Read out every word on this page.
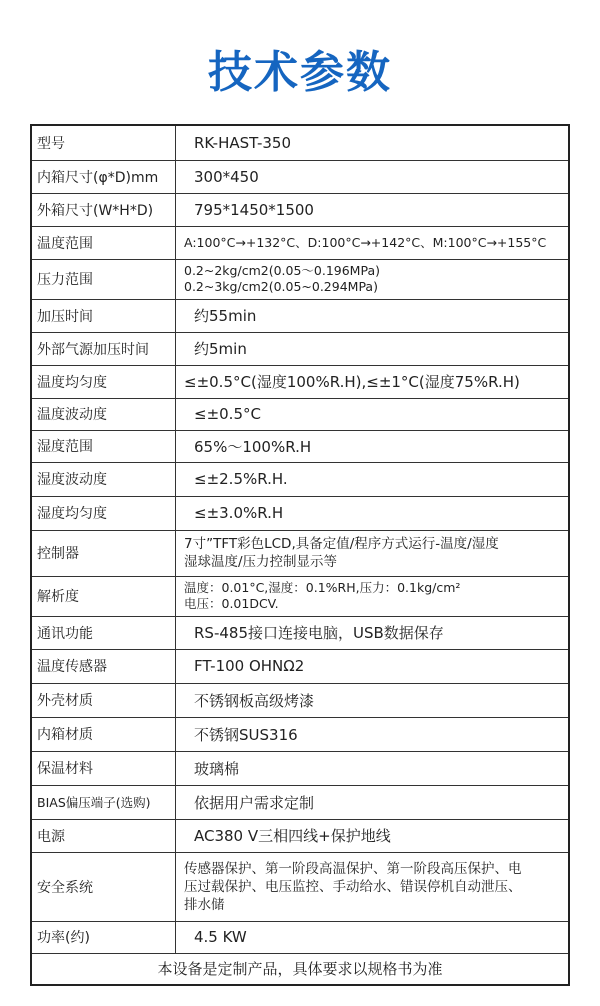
技术参数
型号	RK-HAST-350
内箱尺寸(φ*D)mm	300*450
外箱尺寸(W*H*D)	795*1450*1500
温度范围	A:100°C→+132°C、D:100°C→+142°C、M:100°C→+155°C
压力范围	0.2~2kg/cm2(0.05～0.196MPa)
0.2~3kg/cm2(0.05~0.294MPa)

加压时间	约55min
外部气源加压时间	约5min
温度均匀度	≤±0.5°C(湿度100%R.H),≤±1°C(湿度75%R.H)
温度波动度	≤±0.5°C
湿度范围	65%～100%R.H
湿度波动度	≤±2.5%R.H.
湿度均匀度	≤±3.0%R.H
控制器	7寸”TFT彩色LCD,具备定值/程序方式运行-温度/湿度
湿球温度/压力控制显示等

解析度	温度：0.01°C,湿度：0.1%RH,压力：0.1kg/cm²
电压：0.01DCV.

通讯功能	RS-485接口连接电脑，USB数据保存
温度传感器	FT-100 OHNΩ2
外壳材质	不锈钢板高级烤漆
内箱材质	不锈钢SUS316
保温材料	玻璃棉
BIAS偏压端子(选购)	依据用户需求定制
电源	AC380 V三相四线+保护地线
安全系统	传感器保护、第一阶段高温保护、第一阶段高压保护、电
压过载保护、电压监控、手动给水、错误停机自动泄压、
排水储

功率(约)	4.5 KW
本设备是定制产品，具体要求以规格书为准	
